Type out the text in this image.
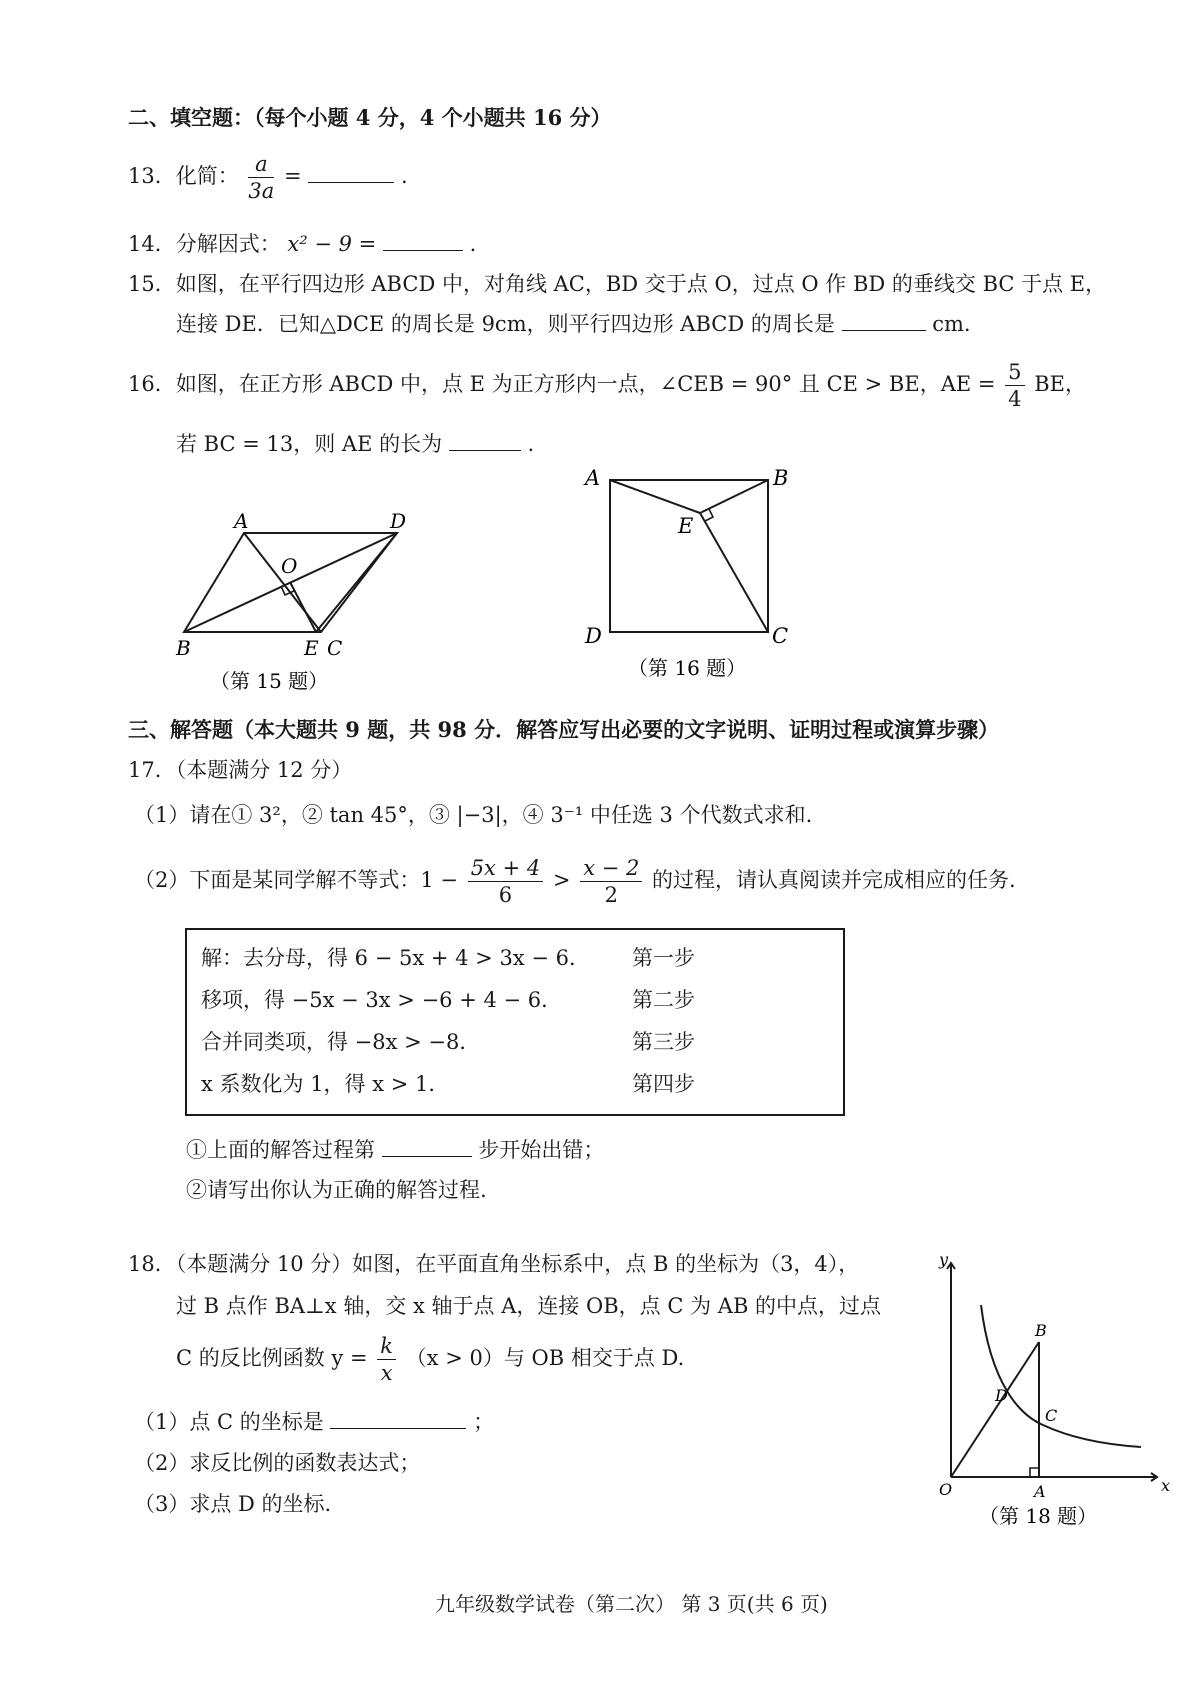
二、填空题：（每个小题 4 分，4 个小题共 16 分）
13．化简： $\frac{a}{3a}$ =	.
14．分解因式： x² − 9 =	.
15．如图，在平行四边形 ABCD 中，对角线 AC，BD 交于点 O，过点 O 作 BD 的垂线交 BC 于点 E，
连接 DE．已知△DCE 的周长是 9cm，则平行四边形 ABCD 的周长是	cm.
16．如图，在正方形 ABCD 中，点 E 为正方形内一点，∠CEB = 90° 且 CE > BE，AE = $\frac{5}{4}$ BE，
若 BC = 13，则 AE 的长为	.
A	D
O
B	E C
（第 15 题）
A	B
E
D	C
（第 16 题）
三、解答题（本大题共 9 题，共 98 分．解答应写出必要的文字说明、证明过程或演算步骤）
17．（本题满分 12 分）
（1）请在① 3²，② tan 45°，③ |−3|，④ 3⁻¹ 中任选 3 个代数式求和.
（2）下面是某同学解不等式：$1 - \frac{5x + 4}{6} > \frac{x - 2}{2}$ 的过程，请认真阅读并完成相应的任务.
解：去分母，得 6 − 5x + 4 > 3x − 6． 第一步
移项，得 −5x − 3x > −6 + 4 − 6．	第二步
合并同类项，得 −8x > −8．	第三步
x 系数化为 1，得 x > 1．	第四步
①上面的解答过程第	步开始出错；
②请写出你认为正确的解答过程.
18．（本题满分 10 分）如图，在平面直角坐标系中，点 B 的坐标为（3，4），
过 B 点作 BA⊥x 轴，交 x 轴于点 A，连接 OB，点 C 为 AB 的中点，过点
C 的反比例函数 $y = \frac{k}{x} (x > 0)$与 OB 相交于点 D.
（1）点 C 的坐标是	；
（2）求反比例的函数表达式；
（3）求点 D 的坐标.
y
x
O	A
B
C
D
（第 18 题）
九年级数学试卷（第二次） 第 3 页(共 6 页)
